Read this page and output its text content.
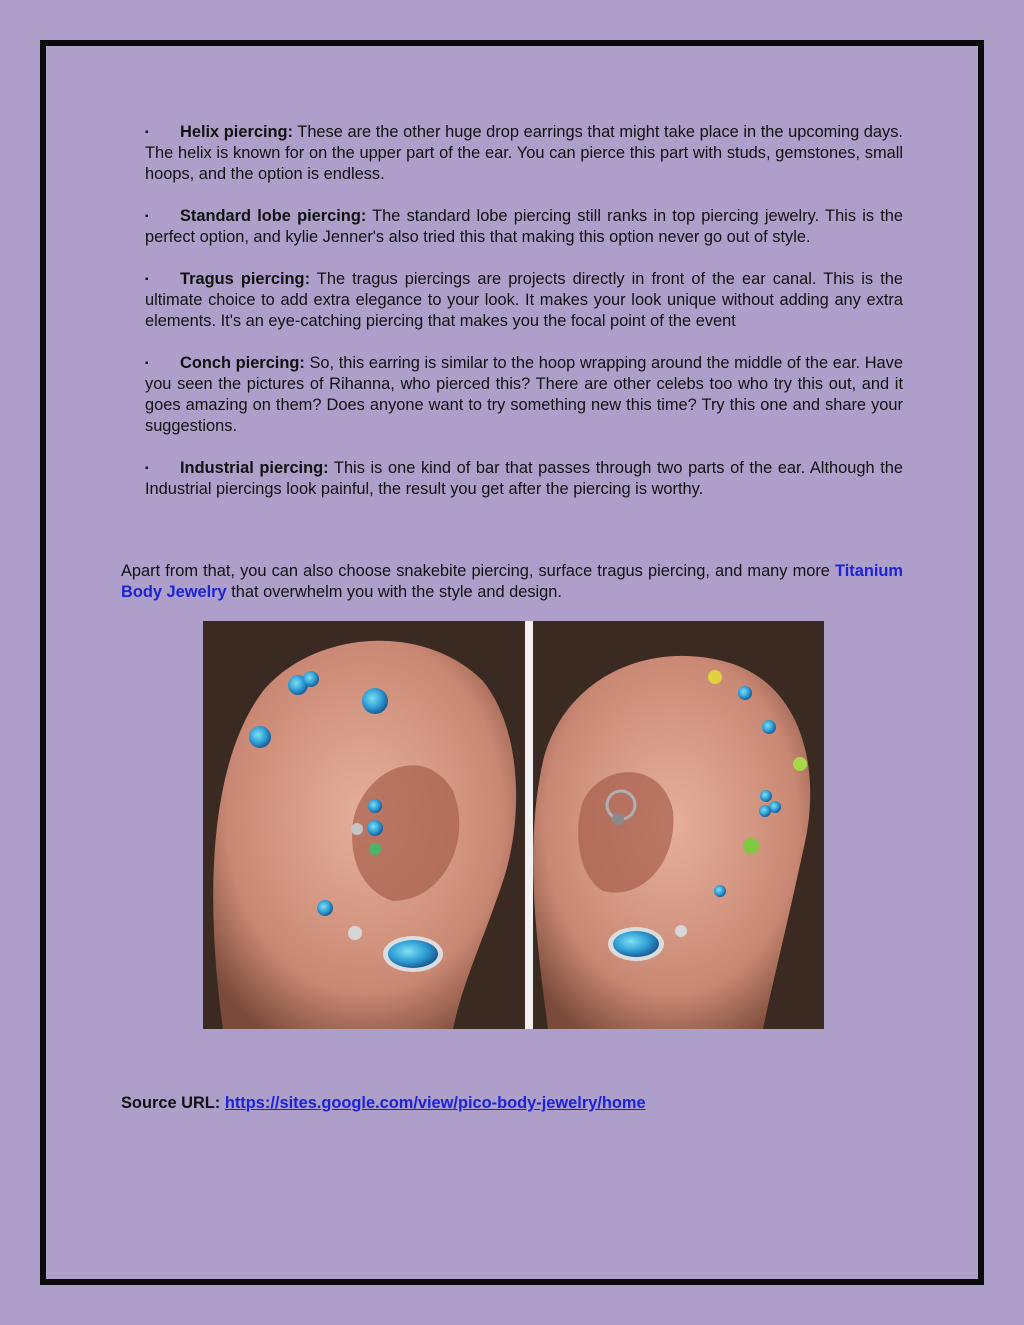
▪ Helix piercing: These are the other huge drop earrings that might take place in the upcoming days. The helix is known for on the upper part of the ear. You can pierce this part with studs, gemstones, small hoops, and the option is endless.
▪ Standard lobe piercing: The standard lobe piercing still ranks in top piercing jewelry. This is the perfect option, and kylie Jenner's also tried this that making this option never go out of style.
▪ Tragus piercing: The tragus piercings are projects directly in front of the ear canal. This is the ultimate choice to add extra elegance to your look. It makes your look unique without adding any extra elements. It's an eye-catching piercing that makes you the focal point of the event
▪ Conch piercing: So, this earring is similar to the hoop wrapping around the middle of the ear. Have you seen the pictures of Rihanna, who pierced this? There are other celebs too who try this out, and it goes amazing on them? Does anyone want to try something new this time? Try this one and share your suggestions.
▪ Industrial piercing: This is one kind of bar that passes through two parts of the ear. Although the Industrial piercings look painful, the result you get after the piercing is worthy.
Apart from that, you can also choose snakebite piercing, surface tragus piercing, and many more Titanium Body Jewelry that overwhelm you with the style and design.
Source URL: https://sites.google.com/view/pico-body-jewelry/home
